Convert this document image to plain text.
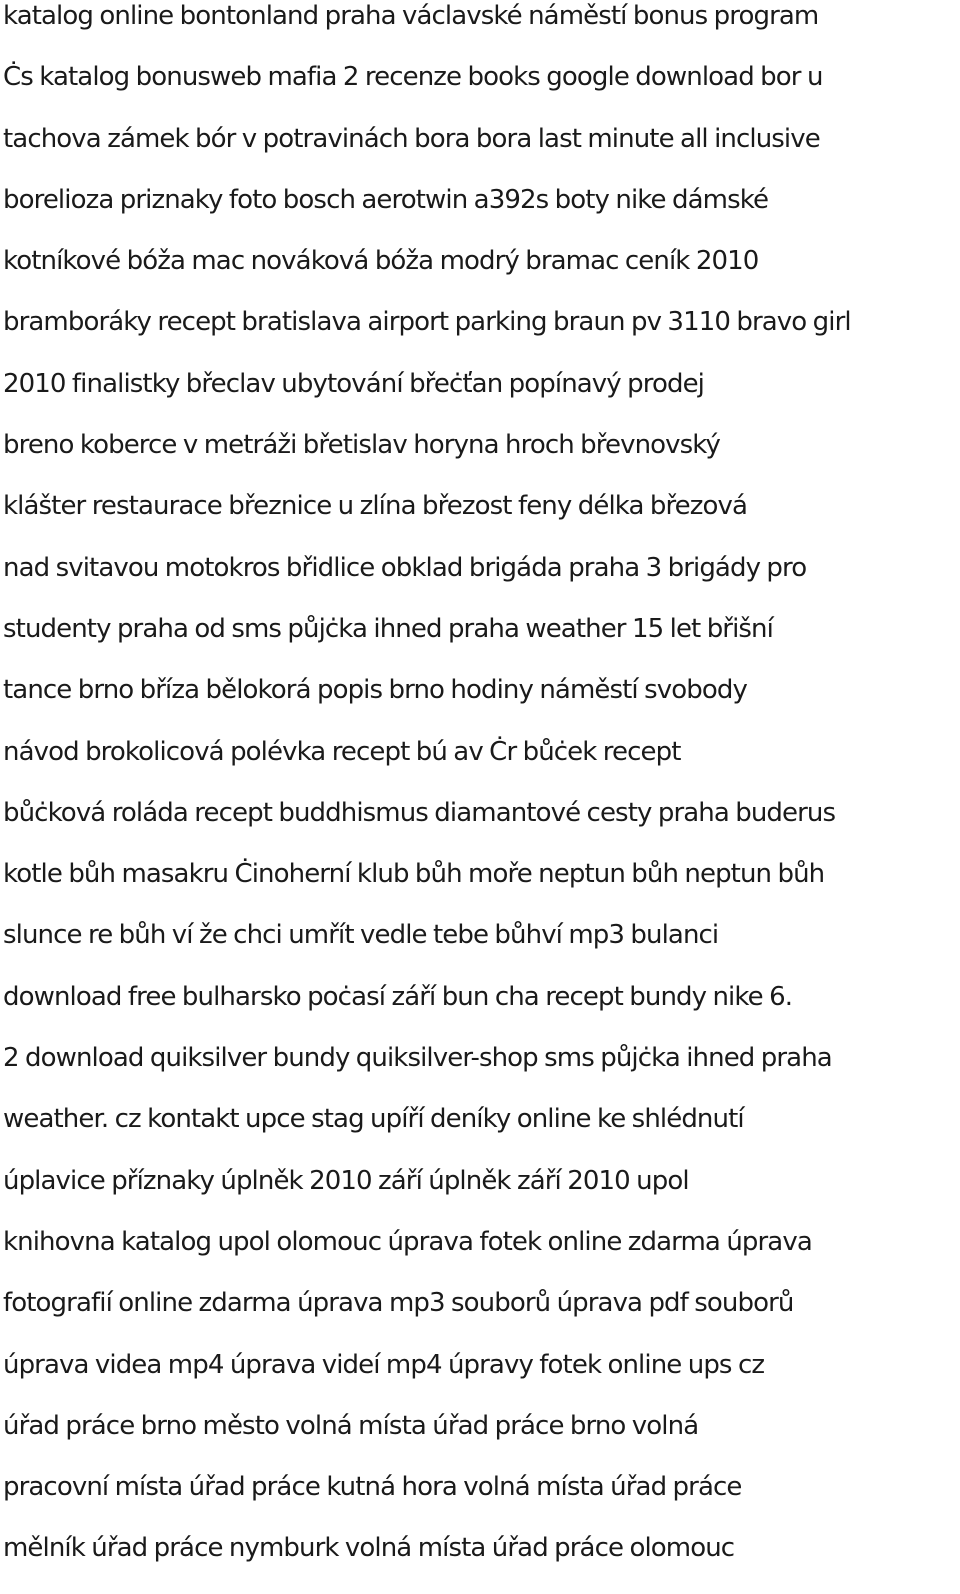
katalog online bontonland praha václavské náměstí bonus program
Ċs katalog bonusweb mafia 2 recenze books google download bor u
tachova zámek bór v potravinách bora bora last minute all inclusive
borelioza priznaky foto bosch aerotwin a392s boty nike dámské
kotníkové bóža mac nováková bóža modrý bramac ceník 2010
bramboráky recept bratislava airport parking braun pv 3110 bravo girl
2010 finalistky břeclav ubytování břeċťan popínavý prodej
breno koberce v metráži břetislav horyna hroch břevnovský
klášter restaurace březnice u zlína březost feny délka březová
nad svitavou motokros břidlice obklad brigáda praha 3 brigády pro
studenty praha od sms půjċka ihned praha weather 15 let břišní
tance brno bříza bělokorá popis brno hodiny náměstí svobody
návod brokolicová polévka recept bú av Ċr bůċek recept
bůċková roláda recept buddhismus diamantové cesty praha buderus
kotle bůh masakru Ċinoherní klub bůh moře neptun bůh neptun bůh
slunce re bůh ví že chci umřít vedle tebe bůhví mp3 bulanci
download free bulharsko poċasí září bun cha recept bundy nike 6.
2 download quiksilver bundy quiksilver-shop sms půjċka ihned praha
weather. cz kontakt upce stag upíří deníky online ke shlédnutí
úplavice příznaky úplněk 2010 září úplněk září 2010 upol
knihovna katalog upol olomouc úprava fotek online zdarma úprava
fotografií online zdarma úprava mp3 souborů úprava pdf souborů
úprava videa mp4 úprava videí mp4 úpravy fotek online ups cz
úřad práce brno město volná místa úřad práce brno volná
pracovní místa úřad práce kutná hora volná místa úřad práce
mělník úřad práce nymburk volná místa úřad práce olomouc
